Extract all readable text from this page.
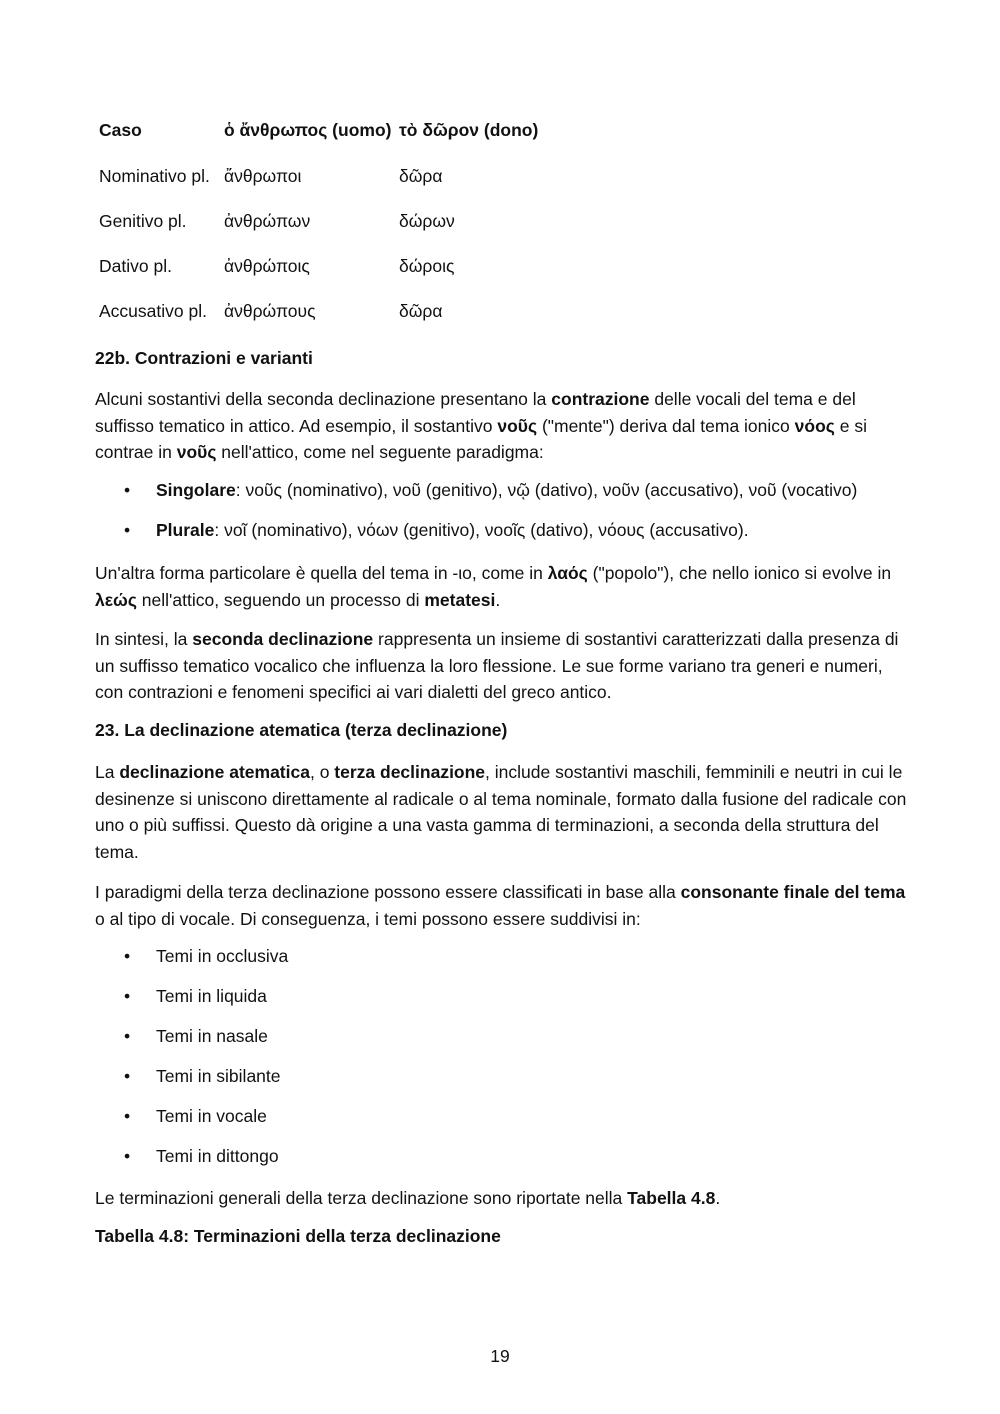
Caso	ὁ ἄνθρωπος (uomo)	τὸ δῶρον (dono)
Nominativo pl.	ἄνθρωποι	δῶρα
Genitivo pl.	ἀνθρώπων	δώρων
Dativo pl.	ἀνθρώποις	δώροις
Accusativo pl.	ἀνθρώπους	δῶρα
22b. Contrazioni e varianti
Alcuni sostantivi della seconda declinazione presentano la contrazione delle vocali del tema e del suffisso tematico in attico. Ad esempio, il sostantivo νοῦς ("mente") deriva dal tema ionico νόος e si contrae in νοῦς nell'attico, come nel seguente paradigma:
• Singolare: νοῦς (nominativo), νοῦ (genitivo), νῷ (dativo), νοῦν (accusativo), νοῦ (vocativo)
• Plurale: νοῖ (nominativo), νόων (genitivo), νοοῖς (dativo), νόους (accusativo).
Un'altra forma particolare è quella del tema in -ιο, come in λαός ("popolo"), che nello ionico si evolve in λεώς nell'attico, seguendo un processo di metatesi.
In sintesi, la seconda declinazione rappresenta un insieme di sostantivi caratterizzati dalla presenza di un suffisso tematico vocalico che influenza la loro flessione. Le sue forme variano tra generi e numeri, con contrazioni e fenomeni specifici ai vari dialetti del greco antico.
23. La declinazione atematica (terza declinazione)
La declinazione atematica, o terza declinazione, include sostantivi maschili, femminili e neutri in cui le desinenze si uniscono direttamente al radicale o al tema nominale, formato dalla fusione del radicale con uno o più suffissi. Questo dà origine a una vasta gamma di terminazioni, a seconda della struttura del tema.
I paradigmi della terza declinazione possono essere classificati in base alla consonante finale del tema o al tipo di vocale. Di conseguenza, i temi possono essere suddivisi in:
• Temi in occlusiva
• Temi in liquida
• Temi in nasale
• Temi in sibilante
• Temi in vocale
• Temi in dittongo
Le terminazioni generali della terza declinazione sono riportate nella Tabella 4.8.
Tabella 4.8: Terminazioni della terza declinazione
19
